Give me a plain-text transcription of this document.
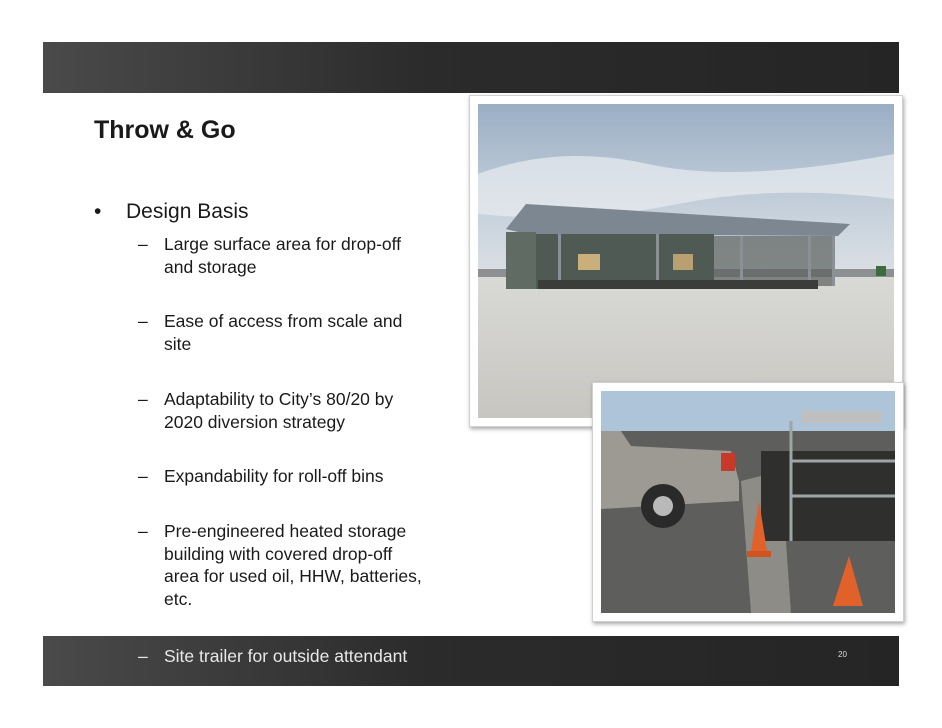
Throw & Go
• Design Basis
– Large surface area for drop-off
and storage
– Ease of access from scale and
site
– Adaptability to City’s 80/20 by
2020 diversion strategy
– Expandability for roll-off bins
– Pre-engineered heated storage
building with covered drop-off
area for used oil, HHW, batteries,
etc.
– Site trailer for outside attendant	20
